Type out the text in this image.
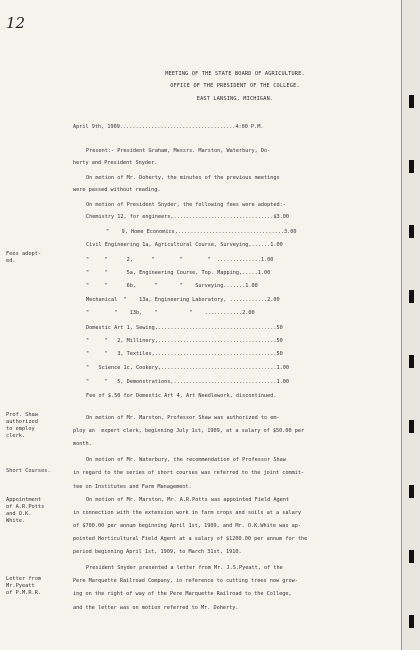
12
MEETING OF THE STATE BOARD OF AGRICULTURE.
OFFICE OF THE PRESIDENT OF THE COLLEGE.
EAST LANSING, MICHIGAN.
April 9th, 1909.....................................4:00 P.M.
Present:- President Graham, Messrs. Marston, Waterbury, Do-
herty and President Snyder.
On motion of Mr. Doherty, the minutes of the previous meetings
were passed without reading.
On motion of President Snyder, the following fees were adopted:-
Chemistry 12, for engineers,................................$3.00
"    9, Home Economics,..................................3.00
Civil Engineering 1a, Agricultural Course, Surveying,......1.00
"     "      2,      "        "        "  ..............1.00
"     "      5a, Engineering Course, Top. Mapping,.....1.00
"     "      6b,      "       "    Surveying.......1.00
Mechanical  "    13a, Engineering Laboratory, ............2.00
"        "    13b,    "          "    ............2.00
Domestic Art 1, Sewing,......................................50
"     "   2, Millinery,......................................50
"     "   3, Textiles,.......................................50
"   Science 1c, Cookery,.....................................1.00
"     "   5, Demonstrations,.................................1.00
Fee of $.50 for Domestic Art 4, Art Needlework, discontinued.
On motion of Mr. Marston, Professor Shaw was authorized to em-
ploy an  expert clerk, beginning July 1st, 1909, at a salary of $50.00 per
month.
On motion of Mr. Waterbury, the recommendation of Professor Shaw
in regard to the series of short courses was referred to the joint commit-
tee on Institutes and Farm Management.
On motion of Mr. Marston, Mr. A.R.Potts was appointed Field Agent
in connection with the extension work in farm crops and soils at a salary
of $700.00 per annum beginning April 1st, 1909, and Mr. O.K.White was ap-
pointed Horticultural Field Agent at a salary of $1200.00 per annum for the
period beginning April 1st, 1909, to March 31st, 1910.
President Snyder presented a letter from Mr. J.S.Pyeatt, of the
Pere Marquette Railroad Company, in reference to cutting trees now grow-
ing on the right of way of the Pere Marquette Railroad to the College,
and the letter was on motion referred to Mr. Doherty.
Fees adopt-
ed.
Prof. Shaw
authorized
to employ
clerk.
Short Courses.
Appointment
of A.R.Potts
and O.K.
White.
Letter from
Mr.Pyeatt
of P.M.R.R.
